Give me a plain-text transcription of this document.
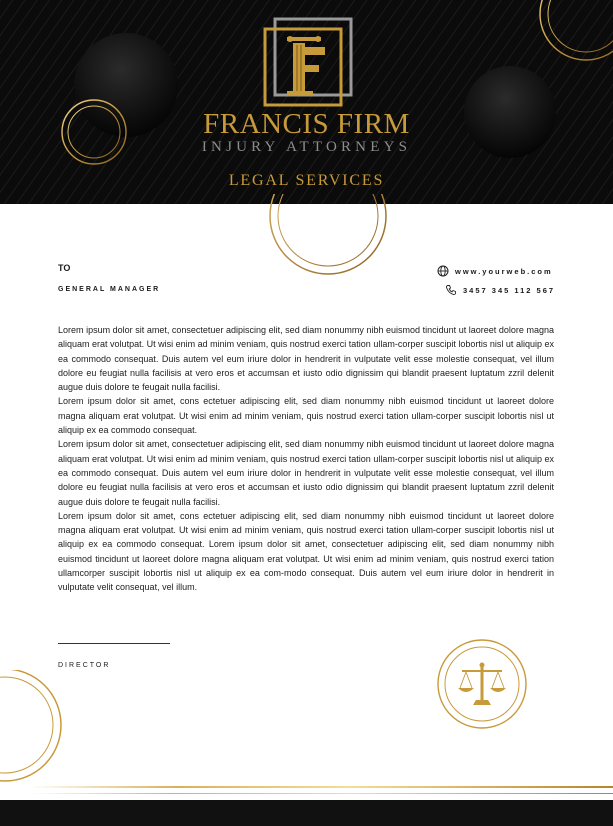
FRANCIS FIRM
INJURY ATTORNEYS
LEGAL SERVICES
TO
GENERAL MANAGER
www.yourweb.com
3457 345 112 567

Lorem ipsum dolor sit amet, consectetuer adipiscing elit, sed diam nonummy nibh euismod tincidunt ut laoreet dolore magna aliquam erat volutpat. Ut wisi enim ad minim veniam, quis nostrud exerci tation ullam-corper suscipit lobortis nisl ut aliquip ex ea commodo consequat. Duis autem vel eum iriure dolor in hendrerit in vulputate velit esse molestie consequat, vel illum dolore eu feugiat nulla facilisis at vero eros et accumsan et iusto odio dignissim qui blandit praesent luptatum zzril delenit augue duis dolore te feugait nulla facilisi.

Lorem ipsum dolor sit amet, cons ectetuer adipiscing elit, sed diam nonummy nibh euismod tincidunt ut laoreet dolore magna aliquam erat volutpat. Ut wisi enim ad minim veniam, quis nostrud exerci tation ullam-corper suscipit lobortis nisl ut aliquip ex ea commodo consequat.

Lorem ipsum dolor sit amet, consectetuer adipiscing elit, sed diam nonummy nibh euismod tincidunt ut laoreet dolore magna aliquam erat volutpat. Ut wisi enim ad minim veniam, quis nostrud exerci tation ullam-corper suscipit lobortis nisl ut aliquip ex ea commodo consequat. Duis autem vel eum iriure dolor in hendrerit in vulputate velit esse molestie consequat, vel illum dolore eu feugiat nulla facilisis at vero eros et accumsan et iusto odio dignissim qui blandit praesent luptatum zzril delenit augue duis dolore te feugait nulla facilisi.

Lorem ipsum dolor sit amet, cons ectetuer adipiscing elit, sed diam nonummy nibh euismod tincidunt ut laoreet dolore magna aliquam erat volutpat. Ut wisi enim ad minim veniam, quis nostrud exerci tation ullam-corper suscipit lobortis nisl ut aliquip ex ea commodo consequat. Lorem ipsum dolor sit amet, consectetuer adipiscing elit, sed diam nonummy nibh euismod tincidunt ut laoreet dolore magna aliquam erat volutpat. Ut wisi enim ad minim veniam, quis nostrud exerci tation ullamcorper suscipit lobortis nisl ut aliquip ex ea com-modo consequat. Duis autem vel eum iriure dolor in hendrerit in vulputate velit consequat, vel illum.

DIRECTOR
